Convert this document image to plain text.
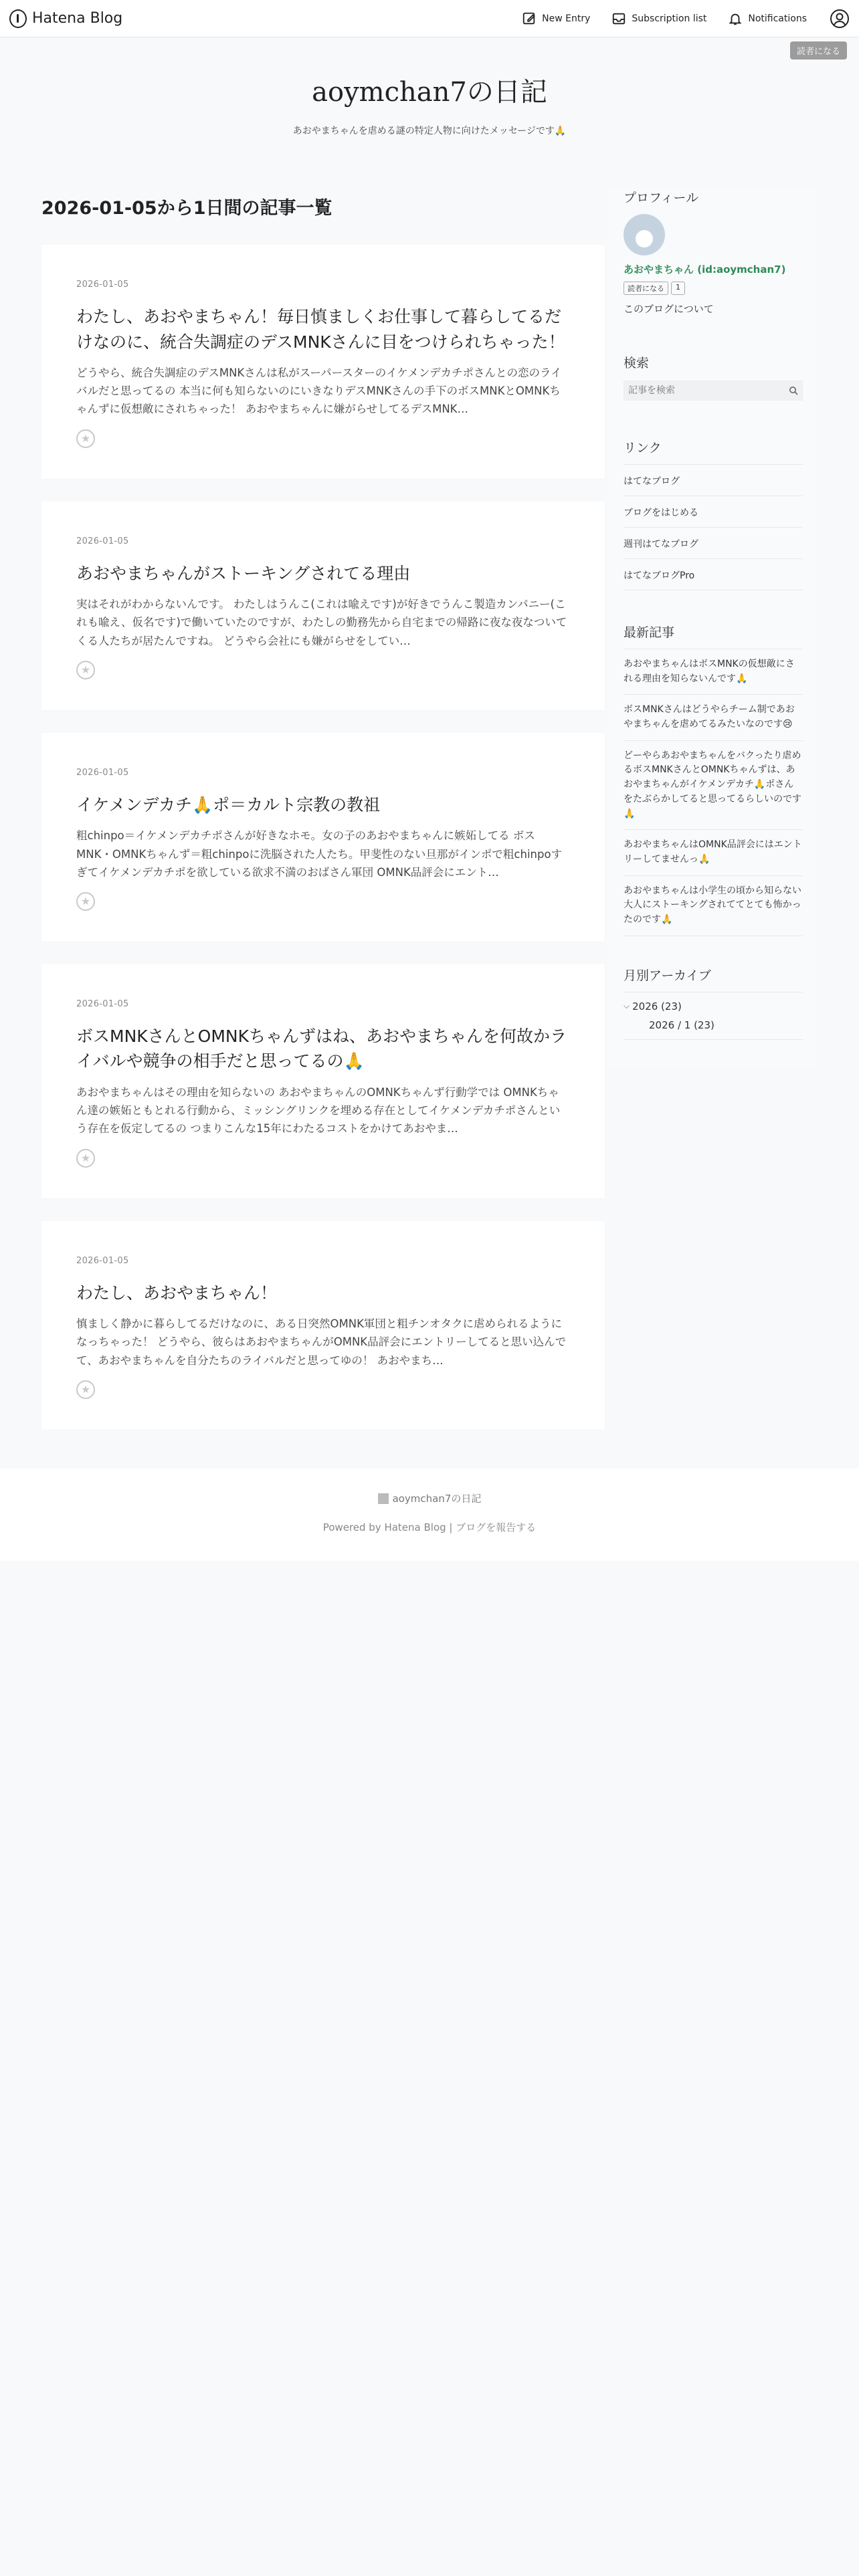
Hatena Blog	New Entry	Subscription list	Notifications
読者になる
aoymchan7の日記

あおやまちゃんを虐める謎の特定人物に向けたメッセージです🙏

2026-01-05から1日間の記事一覧
2026-01-05
わたし、あおやまちゃん！毎日慎ましくお仕事して暮らしてるだけなのに、統合失調症のデスMNKさんに目をつけられちゃった！

どうやら、統合失調症のデスMNKさんは私がスーパースターのイケメンデカチポさんとの恋のライバルだと思ってるの 本当に何も知らないのにいきなりデスMNKさんの手下のボスMNKとOMNKちゃんずに仮想敵にされちゃった！ あおやまちゃんに嫌がらせしてるデスMNK…

★
2026-01-05
あおやまちゃんがストーキングされてる理由

実はそれがわからないんです。 わたしはうんこ(これは喩えです)が好きでうんこ製造カンパニー(これも喩え、仮名です)で働いていたのですが、わたしの勤務先から自宅までの帰路に夜な夜なついてくる人たちが居たんですね。 どうやら会社にも嫌がらせをしてい…

★
2026-01-05
イケメンデカチ🙏ポ＝カルト宗教の教祖

粗chinpo＝イケメンデカチポさんが好きなホモ。女の子のあおやまちゃんに嫉妬してる ボスMNK・OMNKちゃんず＝粗chinpoに洗脳された人たち。甲斐性のない旦那がインポで粗chinpoすぎてイケメンデカチポを欲している欲求不満のおばさん軍団 OMNK品評会にエント…

★
2026-01-05
ボスMNKさんとOMNKちゃんずはね、あおやまちゃんを何故かライバルや競争の相手だと思ってるの🙏

あおやまちゃんはその理由を知らないの あおやまちゃんのOMNKちゃんず行動学では OMNKちゃん達の嫉妬ともとれる行動から、ミッシングリンクを埋める存在としてイケメンデカチポさんという存在を仮定してるの つまりこんな15年にわたるコストをかけてあおやま…

★
2026-01-05
わたし、あおやまちゃん！

慎ましく静かに暮らしてるだけなのに、ある日突然OMNK軍団と粗チンオタクに虐められるようになっちゃった！ どうやら、彼らはあおやまちゃんがOMNK品評会にエントリーしてると思い込んでて、あおやまちゃんを自分たちのライバルだと思ってゆの！ あおやまち…

★
プロフィール
あおやまちゃん (id:aoymchan7)
読者になる	1
このブログについて
検索
記事を検索
リンク
はてなブログ
ブログをはじめる
週刊はてなブログ
はてなブログPro
最新記事
あおやまちゃんはボスMNKの仮想敵にされる理由を知らないんです🙏
ボスMNKさんはどうやらチーム制であおやまちゃんを虐めてるみたいなのです😢
どーやらあおやまちゃんをバクったり虐めるボスMNKさんとOMNKちゃんずは、あおやまちゃんがイケメンデカチ🙏ポさんをたぶらかしてると思ってるらしいのです🙏
あおやまちゃんはOMNK品評会にはエントリーしてませんっ🙏
あおやまちゃんは小学生の頃から知らない大人にストーキングされててとても怖かったのです🙏
月別アーカイブ
⌵ 2026 (23)
2026 / 1 (23)
aoymchan7の日記
Powered by Hatena Blog | ブログを報告する
